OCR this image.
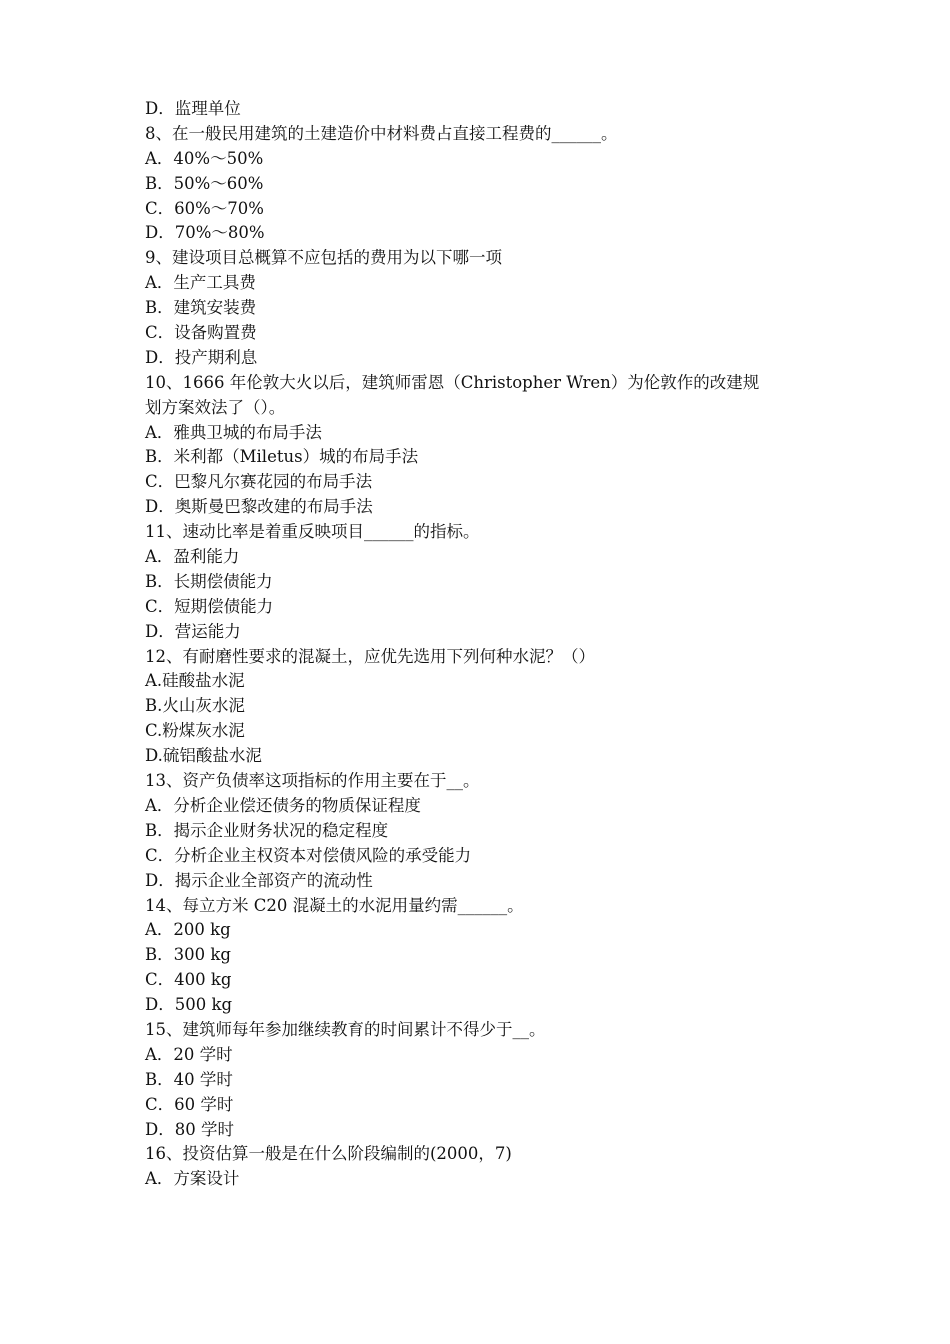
D．监理单位
8、在一般民用建筑的土建造价中材料费占直接工程费的______。
A．40%～50%
B．50%～60%
C．60%～70%
D．70%～80%
9、建设项目总概算不应包括的费用为以下哪一项
A．生产工具费
B．建筑安装费
C．设备购置费
D．投产期利息
10、1666 年伦敦大火以后，建筑师雷恩（Christopher Wren）为伦敦作的改建规
划方案效法了（）。
A．雅典卫城的布局手法
B．米利都（Miletus）城的布局手法
C．巴黎凡尔赛花园的布局手法
D．奥斯曼巴黎改建的布局手法
11、速动比率是着重反映项目______的指标。
A．盈利能力
B．长期偿债能力
C．短期偿债能力
D．营运能力
12、有耐磨性要求的混凝土，应优先选用下列何种水泥？（）
A.硅酸盐水泥
B.火山灰水泥
C.粉煤灰水泥
D.硫铝酸盐水泥
13、资产负债率这项指标的作用主要在于__。
A．分析企业偿还债务的物质保证程度
B．揭示企业财务状况的稳定程度
C．分析企业主权资本对偿债风险的承受能力
D．揭示企业全部资产的流动性
14、每立方米 C20 混凝土的水泥用量约需______。
A．200 kg
B．300 kg
C．400 kg
D．500 kg
15、建筑师每年参加继续教育的时间累计不得少于__。
A．20 学时
B．40 学时
C．60 学时
D．80 学时
16、投资估算一般是在什么阶段编制的(2000，7)
A．方案设计
